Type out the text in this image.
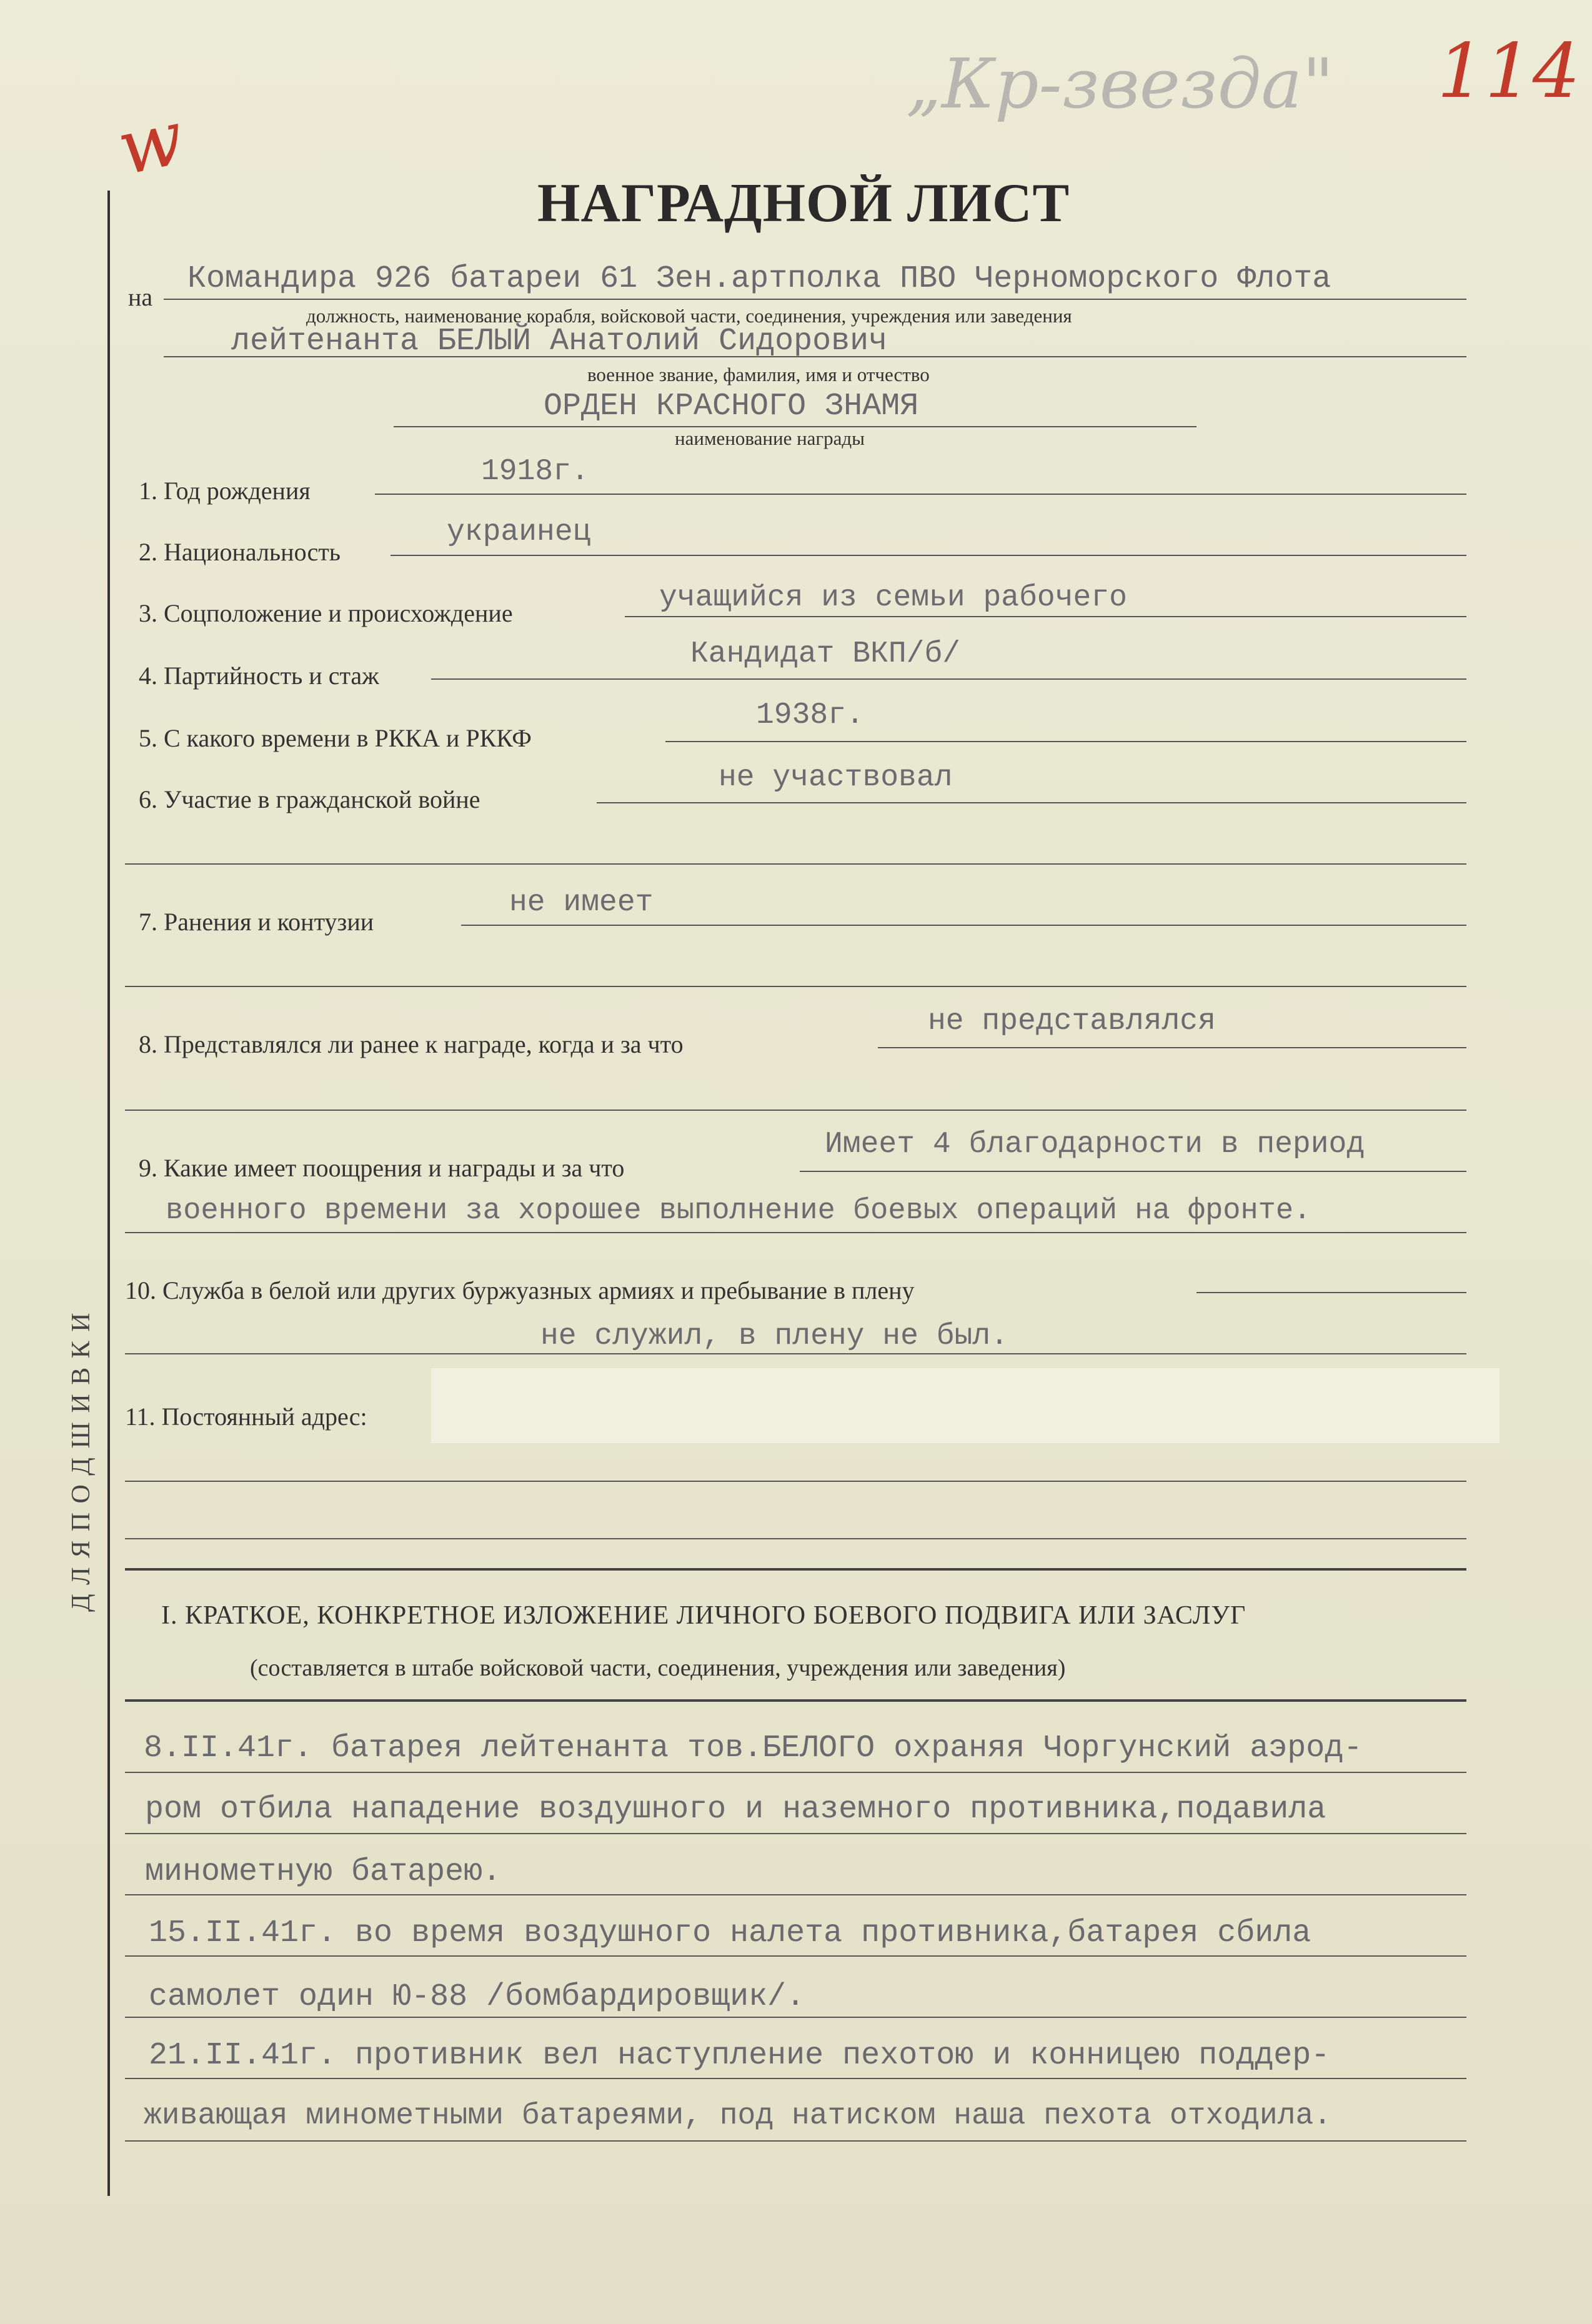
„Кр-звезда" 114
w
Д Л Я П О Д Ш И В К И
НАГРАДНОЙ ЛИСТ
на
Командира 926 батареи 61 Зен.артполка ПВО Черноморского Флота
должность, наименование корабля, войсковой части, соединения, учреждения или заведения
лейтенанта БЕЛЫЙ Анатолий Сидорович
военное звание, фамилия, имя и отчество
ОРДЕН КРАСНОГО ЗНАМЯ
наименование награды
1. Год рождения
1918г.
2. Национальность
украинец
3. Соцположение и происхождение	учащийся из семьи рабочего
4. Партийность и стаж
Кандидат ВКП/б/
5. С какого времени в РККА и РККФ
1938г.
6. Участие в гражданской войне
не участвовал
7. Ранения и контузии
не имеет
8. Представлялся ли ранее к награде, когда и за что
не представлялся
9. Какие имеет поощрения и награды и за что
Имеет 4 благодарности в период
военного времени за хорошее выполнение боевых операций на фронте.
10. Служба в белой или других буржуазных армиях и пребывание в плену
не служил, в плену не был.
11. Постоянный адрес:
I. КРАТКОЕ, КОНКРЕТНОЕ ИЗЛОЖЕНИЕ ЛИЧНОГО БОЕВОГО ПОДВИГА ИЛИ ЗАСЛУГ
(составляется в штабе войсковой части, соединения, учреждения или заведения)
8.II.41г. батарея лейтенанта тов.БЕЛОГО охраняя Чоргунский аэрод-
ром отбила нападение воздушного и наземного противника,подавила
минометную батарею.
15.II.41г. во время воздушного налета противника,батарея сбила
самолет один Ю-88 /бомбардировщик/.
21.II.41г. противник вел наступление пехотою и конницею поддер-
живающая минометными батареями, под натиском наша пехота отходила.
